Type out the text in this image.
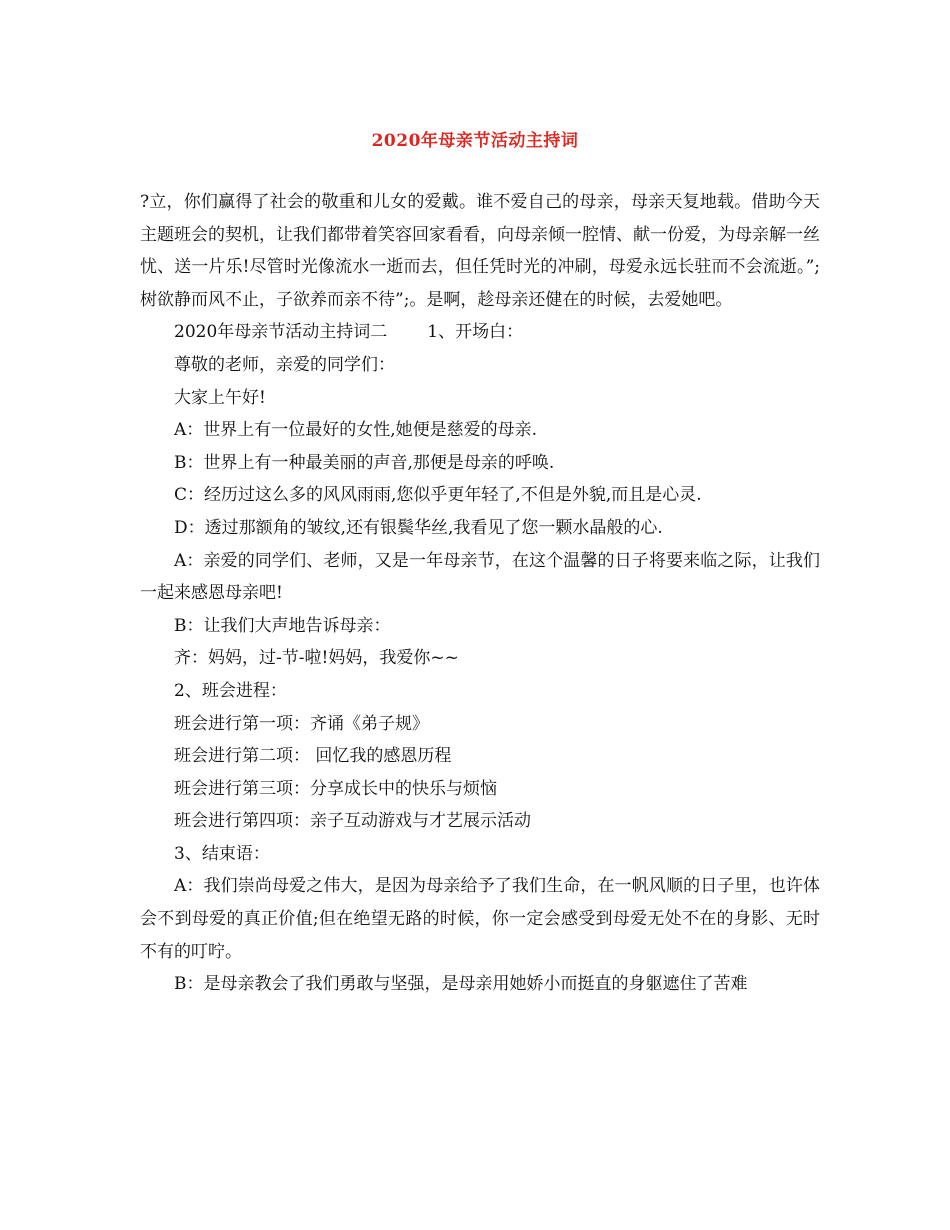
2020年母亲节活动主持词

?立，你们赢得了社会的敬重和儿女的爱戴。谁不爱自己的母亲，母亲天复地载。借助今天主题班会的契机，让我们都带着笑容回家看看，向母亲倾一腔情、献一份爱，为母亲解一丝忧、送一片乐!尽管时光像流水一逝而去，但任凭时光的冲刷，母爱永远长驻而不会流逝。”;树欲静而风不止，子欲养而亲不待”;。是啊，趁母亲还健在的时候，去爱她吧。

2020年母亲节活动主持词二 1、开场白：

尊敬的老师，亲爱的同学们：

大家上午好!

A：世界上有一位最好的女性,她便是慈爱的母亲.

B：世界上有一种最美丽的声音,那便是母亲的呼唤.

C：经历过这么多的风风雨雨,您似乎更年轻了,不但是外貌,而且是心灵.

D：透过那额角的皱纹,还有银鬓华丝,我看见了您一颗水晶般的心.

A：亲爱的同学们、老师，又是一年母亲节，在这个温馨的日子将要来临之际，让我们一起来感恩母亲吧!

B：让我们大声地告诉母亲：

齐：妈妈，过-节-啦!妈妈，我爱你~~

2、班会进程：

班会进行第一项：齐诵《弟子规》

班会进行第二项： 回忆我的感恩历程

班会进行第三项：分享成长中的快乐与烦恼

班会进行第四项：亲子互动游戏与才艺展示活动

3、结束语：

A：我们崇尚母爱之伟大，是因为母亲给予了我们生命，在一帆风顺的日子里，也许体会不到母爱的真正价值;但在绝望无路的时候，你一定会感受到母爱无处不在的身影、无时不有的叮咛。

B：是母亲教会了我们勇敢与坚强，是母亲用她娇小而挺直的身躯遮住了苦难
